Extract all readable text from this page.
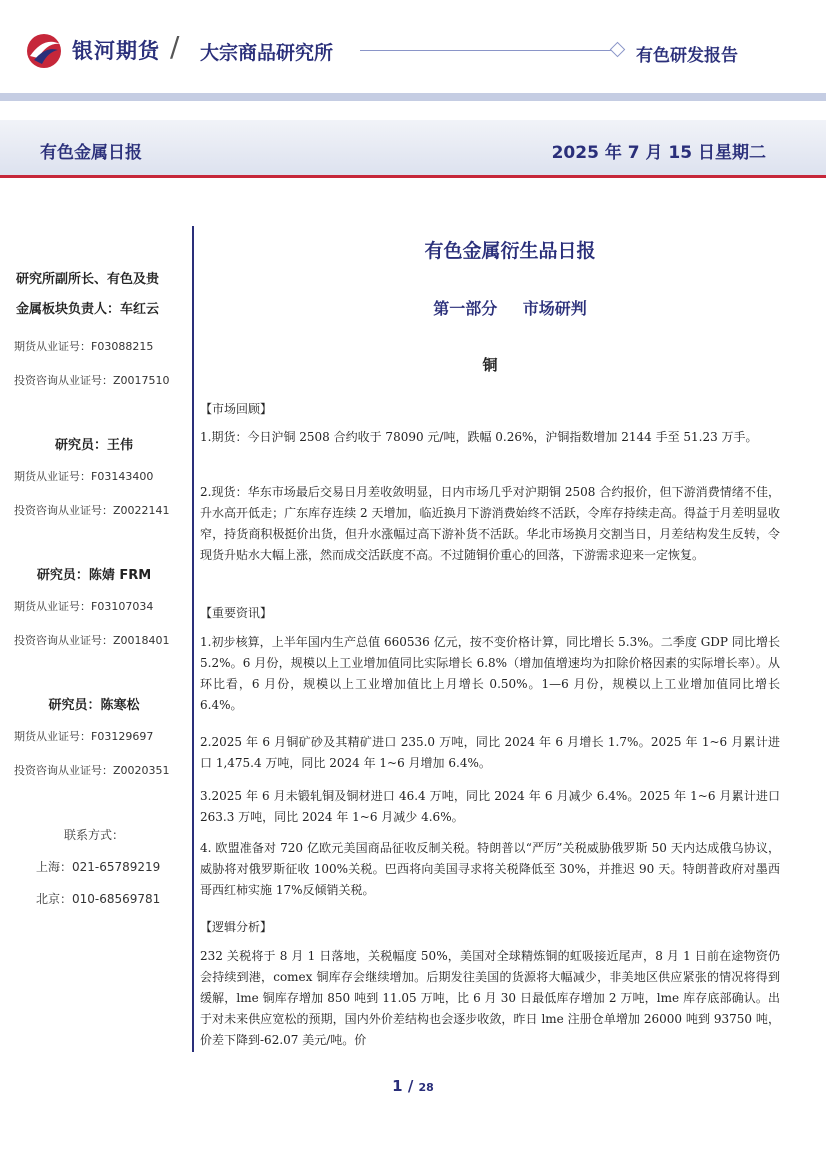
银河期货 / 大宗商品研究所	有色研发报告
有色金属日报	2025 年 7 月 15 日星期二
研究所副所长、有色及贵
金属板块负责人：车红云
期货从业证号：F03088215
投资咨询从业证号：Z0017510
研究员：王伟
期货从业证号：F03143400
投资咨询从业证号：Z0022141
研究员：陈婧 FRM
期货从业证号：F03107034
投资咨询从业证号：Z0018401
研究员：陈寒松
期货从业证号：F03129697
投资咨询从业证号：Z0020351
联系方式：
上海：021-65789219
北京：010-68569781
有色金属衍生品日报
第一部分 市场研判
铜
【市场回顾】
1.期货：今日沪铜 2508 合约收于 78090 元/吨，跌幅 0.26%，沪铜指数增加 2144 手至 51.23 万手。
2.现货：华东市场最后交易日月差收敛明显，日内市场几乎对沪期铜 2508 合约报价，但下游消费情绪不佳，升水高开低走；广东库存连续 2 天增加，临近换月下游消费始终不活跃，令库存持续走高。得益于月差明显收窄，持货商积极挺价出货，但升水涨幅过高下游补货不活跃。华北市场换月交割当日，月差结构发生反转，令现货升贴水大幅上涨，然而成交活跃度不高。不过随铜价重心的回落，下游需求迎来一定恢复。
【重要资讯】
1.初步核算，上半年国内生产总值 660536 亿元，按不变价格计算，同比增长 5.3%。二季度 GDP 同比增长 5.2%。6 月份，规模以上工业增加值同比实际增长 6.8%（增加值增速均为扣除价格因素的实际增长率）。从环比看，6 月份，规模以上工业增加值比上月增长 0.50%。1—6 月份，规模以上工业增加值同比增长 6.4%。
2.2025 年 6 月铜矿砂及其精矿进口 235.0 万吨，同比 2024 年 6 月增长 1.7%。2025 年 1~6 月累计进口 1,475.4 万吨，同比 2024 年 1~6 月增加 6.4%。
3.2025 年 6 月未锻轧铜及铜材进口 46.4 万吨，同比 2024 年 6 月减少 6.4%。2025 年 1~6 月累计进口 263.3 万吨，同比 2024 年 1~6 月减少 4.6%。
4. 欧盟准备对 720 亿欧元美国商品征收反制关税。特朗普以“严厉”关税威胁俄罗斯 50 天内达成俄乌协议，威胁将对俄罗斯征收 100%关税。巴西将向美国寻求将关税降低至 30%，并推迟 90 天。特朗普政府对墨西哥西红柿实施 17%反倾销关税。
【逻辑分析】
232 关税将于 8 月 1 日落地，关税幅度 50%，美国对全球精炼铜的虹吸接近尾声，8 月 1 日前在途物资仍会持续到港，comex 铜库存会继续增加。后期发往美国的货源将大幅减少，非美地区供应紧张的情况将得到缓解，lme 铜库存增加 850 吨到 11.05 万吨，比 6 月 30 日最低库存增加 2 万吨，lme 库存底部确认。出于对未来供应宽松的预期，国内外价差结构也会逐步收敛，昨日 lme 注册仓单增加 26000 吨到 93750 吨，价差下降到-62.07 美元/吨。价
1 / 28
